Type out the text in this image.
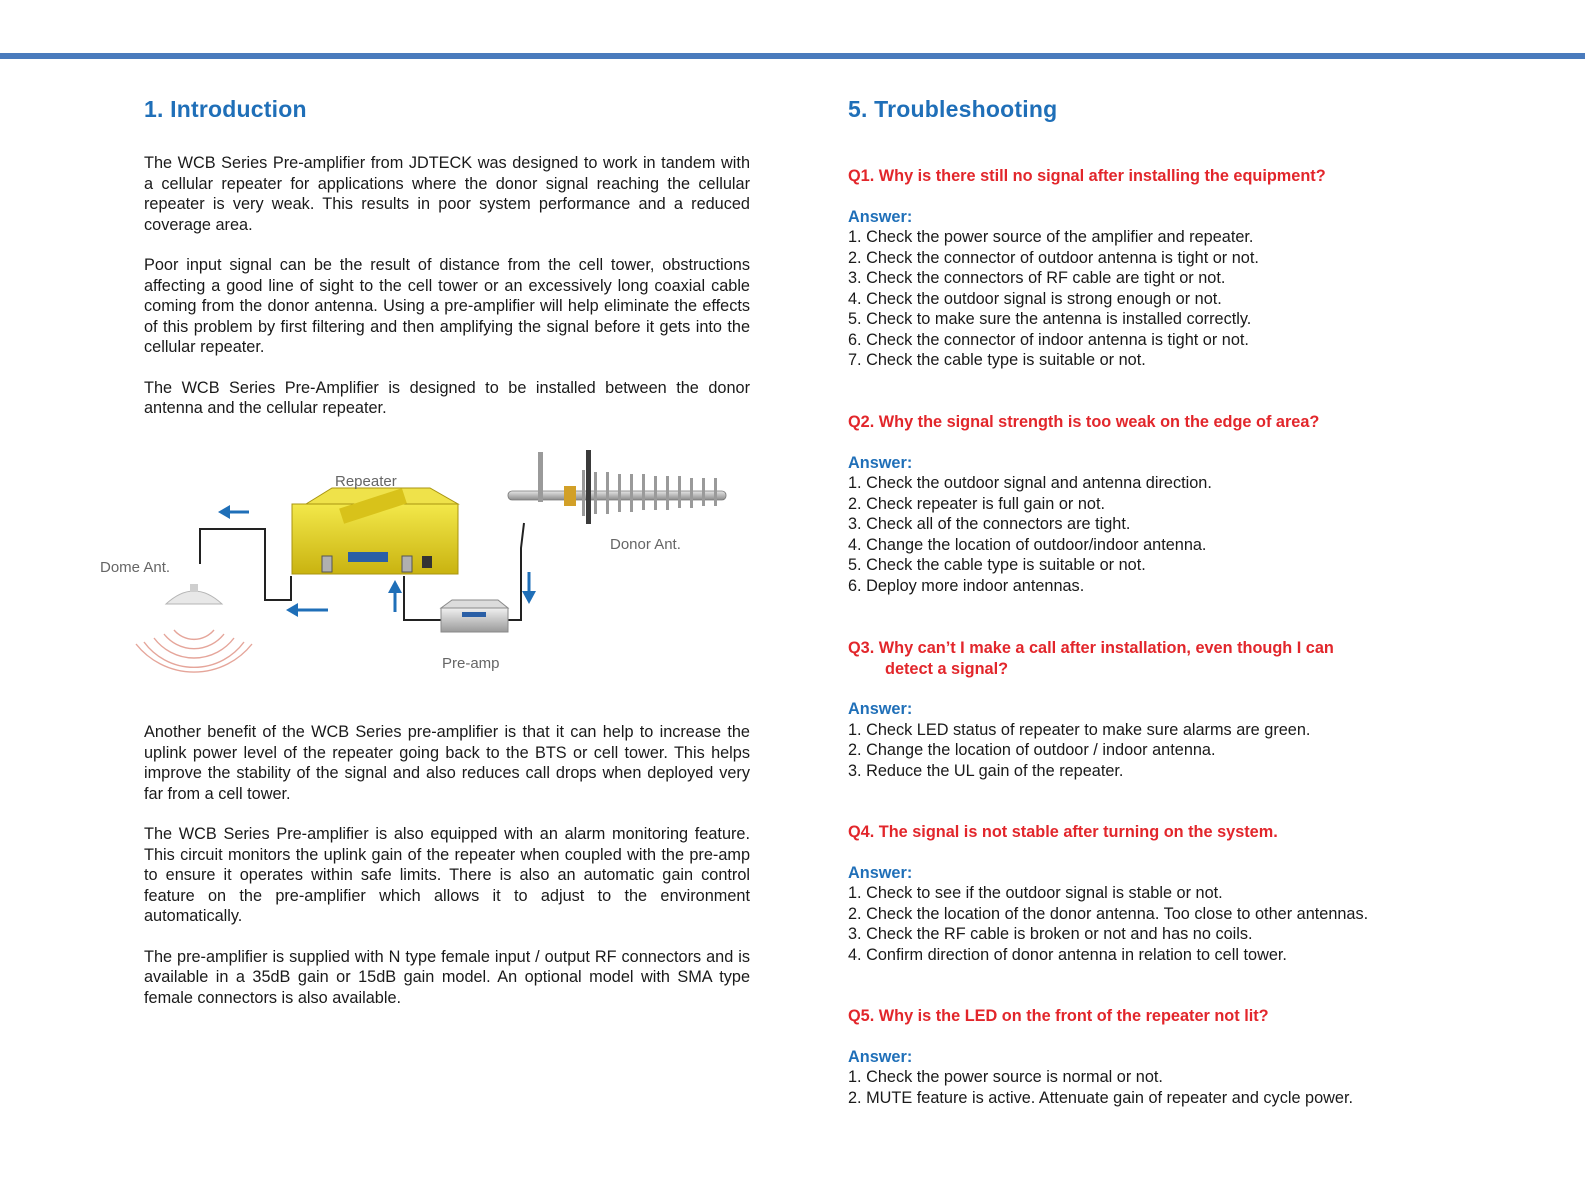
1. Introduction

The WCB Series Pre-amplifier from JDTECK was designed to work in tandem with a cellular repeater for applications where the donor signal reaching the cellular repeater is very weak. This results in poor system performance and a reduced coverage area.

Poor input signal can be the result of distance from the cell tower, obstructions affecting a good line of sight to the cell tower or an excessively long coaxial cable coming from the donor antenna. Using a pre-amplifier will help eliminate the effects of this problem by first filtering and then amplifying the signal before it gets into the cellular repeater.

The WCB Series Pre-Amplifier is designed to be installed between the donor antenna and the cellular repeater.

Repeater
Donor Ant.
Dome Ant.
Pre-amp

Another benefit of the WCB Series pre-amplifier is that it can help to increase the uplink power level of the repeater going back to the BTS or cell tower. This helps improve the stability of the signal and also reduces call drops when deployed very far from a cell tower.

The WCB Series Pre-amplifier is also equipped with an alarm monitoring feature. This circuit monitors the uplink gain of the repeater when coupled with the pre-amp to ensure it operates within safe limits. There is also an automatic gain control feature on the pre-amplifier which allows it to adjust to the environment automatically.

The pre-amplifier is supplied with N type female input / output RF connectors and is available in a 35dB gain or 15dB gain model. An optional model with SMA type female connectors is also available.

5. Troubleshooting

Q1. Why is there still no signal after installing the equipment?

Answer:

1. Check the power source of the amplifier and repeater.
2. Check the connector of outdoor antenna is tight or not.
3. Check the connectors of RF cable are tight or not.
4. Check the outdoor signal is strong enough or not.
5. Check to make sure the antenna is installed correctly.
6. Check the connector of indoor antenna is tight or not.
7. Check the cable type is suitable or not.

Q2. Why the signal strength is too weak on the edge of area?

Answer:

1. Check the outdoor signal and antenna direction.
2. Check repeater is full gain or not.
3. Check all of the connectors are tight.
4. Change the location of outdoor/indoor antenna.
5. Check the cable type is suitable or not.
6. Deploy more indoor antennas.

Q3. Why can’t I make a call after installation, even though I can
detect a signal?

Answer:

1. Check LED status of repeater to make sure alarms are green.
2. Change the location of outdoor / indoor antenna.
3. Reduce the UL gain of the repeater.

Q4. The signal is not stable after turning on the system.

Answer:

1. Check to see if the outdoor signal is stable or not.
2. Check the location of the donor antenna. Too close to other antennas.
3. Check the RF cable is broken or not and has no coils.
4. Confirm direction of donor antenna in relation to cell tower.

Q5. Why is the LED on the front of the repeater not lit?

Answer:

1. Check the power source is normal or not.
2. MUTE feature is active. Attenuate gain of repeater and cycle power.
